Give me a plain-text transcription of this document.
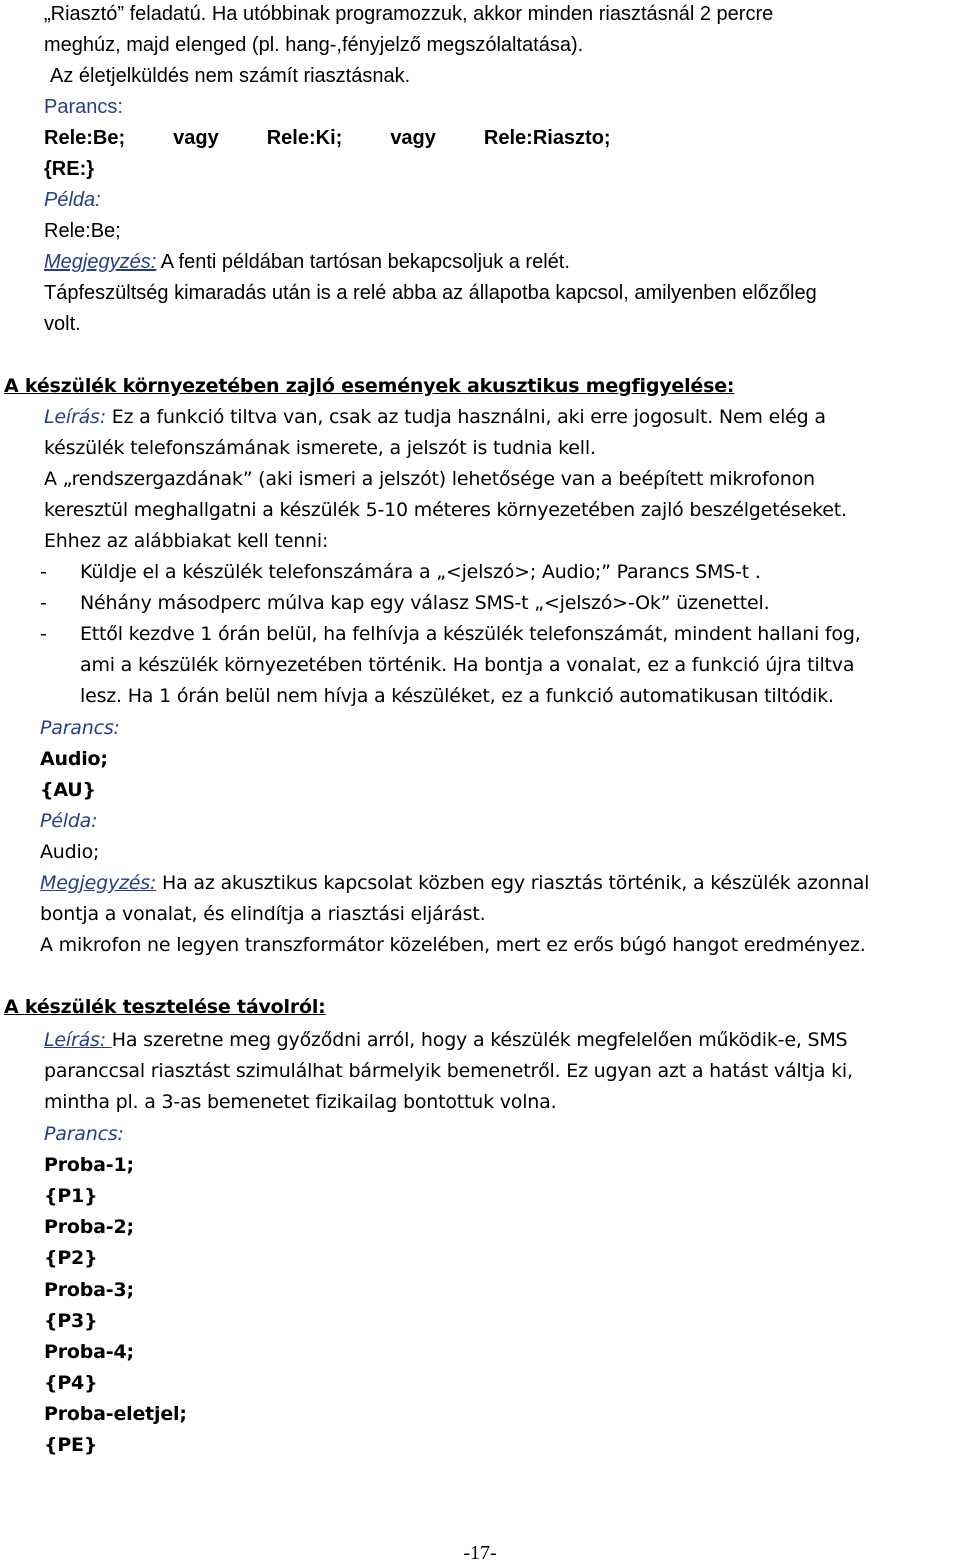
„Riasztó” feladatú. Ha utóbbinak programozzuk, akkor minden riasztásnál 2 percre
meghúz, majd elenged (pl. hang-,fényjelző megszólaltatása).
Az életjelküldés nem számít riasztásnak.
Parancs:
Rele:Be; vagy Rele:Ki; vagy Rele:Riaszto;
{RE:}
Példa:
Rele:Be;
Megjegyzés: A fenti példában tartósan bekapcsoljuk a relét.
Tápfeszültség kimaradás után is a relé abba az állapotba kapcsol, amilyenben előzőleg
volt.
A készülék környezetében zajló események akusztikus megfigyelése:
Leírás: Ez a funkció tiltva van, csak az tudja használni, aki erre jogosult. Nem elég a
készülék telefonszámának ismerete, a jelszót is tudnia kell.
A „rendszergazdának” (aki ismeri a jelszót) lehetősége van a beépített mikrofonon
keresztül meghallgatni a készülék 5-10 méteres környezetében zajló beszélgetéseket.
Ehhez az alábbiakat kell tenni:
- Küldje el a készülék telefonszámára a „<jelszó>; Audio;” Parancs SMS-t .
- Néhány másodperc múlva kap egy válasz SMS-t „<jelszó>-Ok” üzenettel.
- Ettől kezdve 1 órán belül, ha felhívja a készülék telefonszámát, mindent hallani fog,
ami a készülék környezetében történik. Ha bontja a vonalat, ez a funkció újra tiltva
lesz. Ha 1 órán belül nem hívja a készüléket, ez a funkció automatikusan tiltódik.
Parancs:
Audio;
{AU}
Példa:
Audio;
Megjegyzés: Ha az akusztikus kapcsolat közben egy riasztás történik, a készülék azonnal
bontja a vonalat, és elindítja a riasztási eljárást.
A mikrofon ne legyen transzformátor közelében, mert ez erős búgó hangot eredményez.
A készülék tesztelése távolról:
Leírás: Ha szeretne meg győződni arról, hogy a készülék megfelelően működik-e, SMS
paranccsal riasztást szimulálhat bármelyik bemenetről. Ez ugyan azt a hatást váltja ki,
mintha pl. a 3-as bemenetet fizikailag bontottuk volna.
Parancs:
Proba-1;
{P1}
Proba-2;
{P2}
Proba-3;
{P3}
Proba-4;
{P4}
Proba-eletjel;
{PE}
-17-
